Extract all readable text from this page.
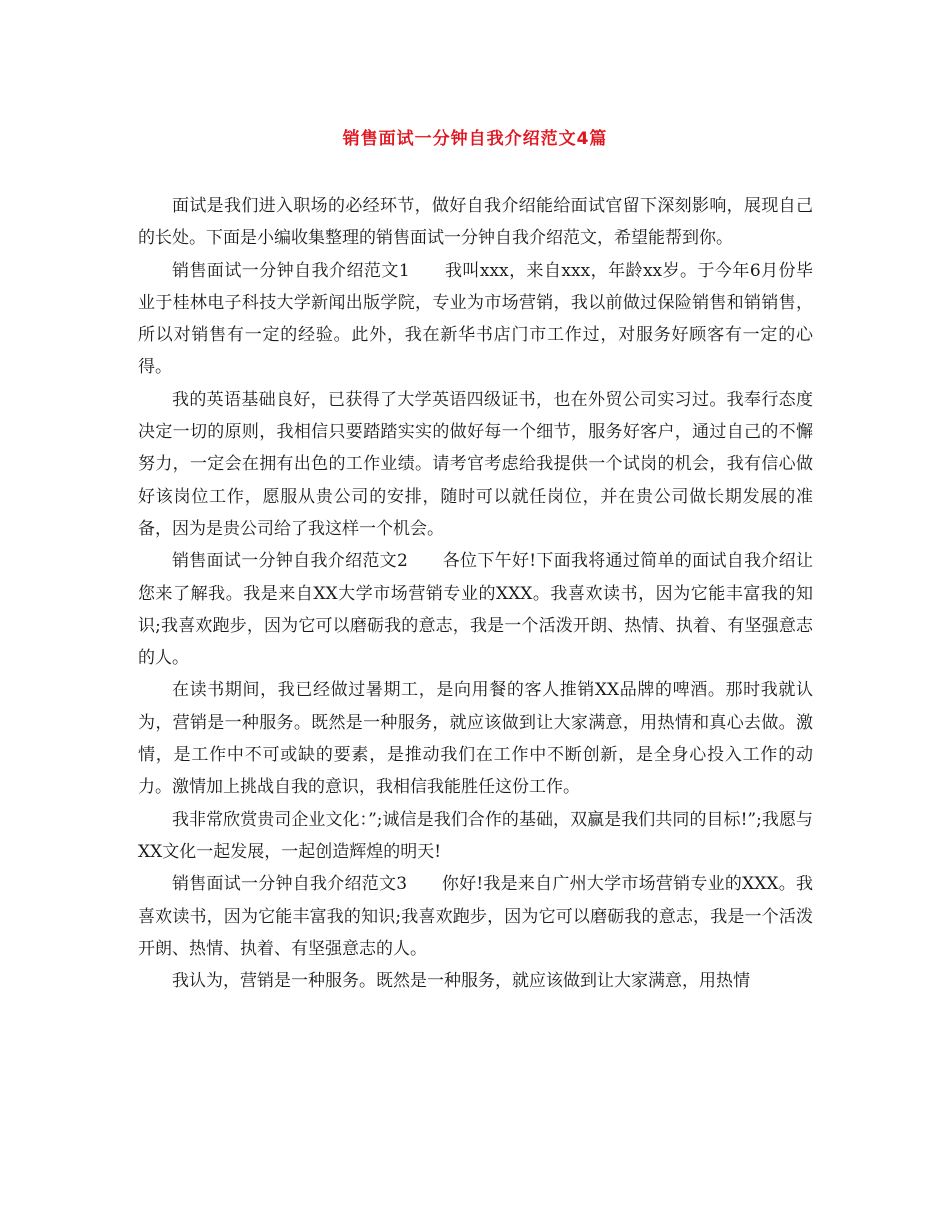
销售面试一分钟自我介绍范文4篇

面试是我们进入职场的必经环节，做好自我介绍能给面试官留下深刻影响，展现自己的长处。下面是小编收集整理的销售面试一分钟自我介绍范文，希望能帮到你。

销售面试一分钟自我介绍范文1　　我叫xxx，来自xxx，年龄xx岁。于今年6月份毕业于桂林电子科技大学新闻出版学院，专业为市场营销，我以前做过保险销售和销销售，所以对销售有一定的经验。此外，我在新华书店门市工作过，对服务好顾客有一定的心得。

我的英语基础良好，已获得了大学英语四级证书，也在外贸公司实习过。我奉行态度决定一切的原则，我相信只要踏踏实实的做好每一个细节，服务好客户，通过自己的不懈努力，一定会在拥有出色的工作业绩。请考官考虑给我提供一个试岗的机会，我有信心做好该岗位工作，愿服从贵公司的安排，随时可以就任岗位，并在贵公司做长期发展的准备，因为是贵公司给了我这样一个机会。

销售面试一分钟自我介绍范文2　　各位下午好!下面我将通过简单的面试自我介绍让您来了解我。我是来自XX大学市场营销专业的XXX。我喜欢读书，因为它能丰富我的知识;我喜欢跑步，因为它可以磨砺我的意志，我是一个活泼开朗、热情、执着、有坚强意志的人。

在读书期间，我已经做过暑期工，是向用餐的客人推销XX品牌的啤酒。那时我就认为，营销是一种服务。既然是一种服务，就应该做到让大家满意，用热情和真心去做。激情，是工作中不可或缺的要素，是推动我们在工作中不断创新，是全身心投入工作的动力。激情加上挑战自我的意识，我相信我能胜任这份工作。

我非常欣赏贵司企业文化：”;诚信是我们合作的基础，双赢是我们共同的目标!”;我愿与XX文化一起发展，一起创造辉煌的明天!

销售面试一分钟自我介绍范文3　　你好!我是来自广州大学市场营销专业的XXX。我喜欢读书，因为它能丰富我的知识;我喜欢跑步，因为它可以磨砺我的意志，我是一个活泼开朗、热情、执着、有坚强意志的人。

我认为，营销是一种服务。既然是一种服务，就应该做到让大家满意，用热情
